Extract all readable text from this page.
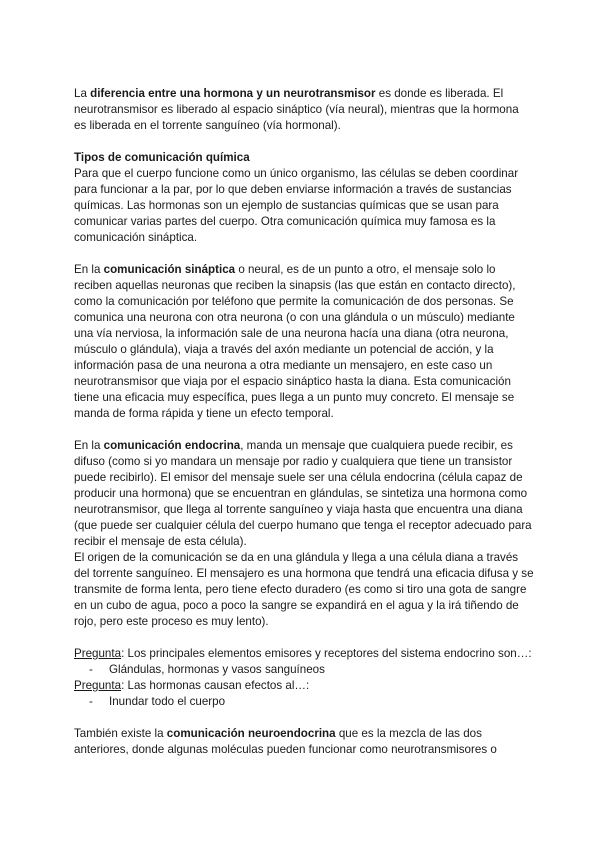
La diferencia entre una hormona y un neurotransmisor es donde es liberada. El neurotransmisor es liberado al espacio sináptico (vía neural), mientras que la hormona es liberada en el torrente sanguíneo (vía hormonal).

Tipos de comunicación química

Para que el cuerpo funcione como un único organismo, las células se deben coordinar para funcionar a la par, por lo que deben enviarse información a través de sustancias químicas. Las hormonas son un ejemplo de sustancias químicas que se usan para comunicar varias partes del cuerpo. Otra comunicación química muy famosa es la comunicación sináptica.

En la comunicación sináptica o neural, es de un punto a otro, el mensaje solo lo reciben aquellas neuronas que reciben la sinapsis (las que están en contacto directo), como la comunicación por teléfono que permite la comunicación de dos personas. Se comunica una neurona con otra neurona (o con una glándula o un músculo) mediante una vía nerviosa, la información sale de una neurona hacía una diana (otra neurona, músculo o glándula), viaja a través del axón mediante un potencial de acción, y la información pasa de una neurona a otra mediante un mensajero, en este caso un neurotransmisor que viaja por el espacio sináptico hasta la diana. Esta comunicación tiene una eficacia muy específica, pues llega a un punto muy concreto. El mensaje se manda de forma rápida y tiene un efecto temporal.

En la comunicación endocrina, manda un mensaje que cualquiera puede recibir, es difuso (como si yo mandara un mensaje por radio y cualquiera que tiene un transistor puede recibirlo). El emisor del mensaje suele ser una célula endocrina (célula capaz de producir una hormona) que se encuentran en glándulas, se sintetiza una hormona como neurotransmisor, que llega al torrente sanguíneo y viaja hasta que encuentra una diana (que puede ser cualquier célula del cuerpo humano que tenga el receptor adecuado para recibir el mensaje de esta célula).

El origen de la comunicación se da en una glándula y llega a una célula diana a través del torrente sanguíneo. El mensajero es una hormona que tendrá una eficacia difusa y se transmite de forma lenta, pero tiene efecto duradero (es como si tiro una gota de sangre en un cubo de agua, poco a poco la sangre se expandirá en el agua y la irá tiñendo de rojo, pero este proceso es muy lento).

Pregunta: Los principales elementos emisores y receptores del sistema endocrino son…:

- Glándulas, hormonas y vasos sanguíneos

Pregunta: Las hormonas causan efectos al…:

- Inundar todo el cuerpo

También existe la comunicación neuroendocrina que es la mezcla de las dos anteriores, donde algunas moléculas pueden funcionar como neurotransmisores o
